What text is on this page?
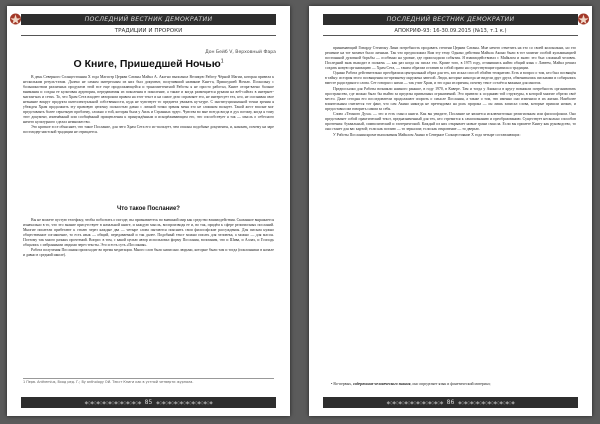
ПОСЛЕДНИЙ ВЕСТНИК ДЕМОКРАТИИ
ТРАДИЦИИ И ПРОРОКИ
Дон Бейб V, Верховный Фара
О Книге, Пришедшей Ночью$^1$

В день Северного Солнцестояния X года Магистр Церкви Сатаны Майкл А. Аки-но выполнил Великую Работу Чёрной Магии, которая привела к нескольким резуль-татам. Далеко не самым интересным из них был документ, получивший название Кни-га, Пришедшей Ночью. Поскольку с большинством различных продуктов этой все еще продолжающейся и трансмиттентной Работы я не просто работал, Книге отпра-влено больше внимания и создан ее культовая аудитория, передаваемая из поколения в поколение, а также и когда размещается руками на веб-сайтах в интернет-магази-нах и сетях. То, что Храм Сета владеет авторским правом на этот текст и на самое дело справляет его, не интересует тех, кто, не осознавая свое незнание вокруг продукта интеллектуальной собственности, куда не чувствует то предмета уважать ку-ьтуре. С институциональной точки зрения я убежден Храм продолжить эту правовую цепочку полностью давно с личной точки зрения меня это не слишком волнует. Такой жест вполне мог представлять более серьезную проблему, сложно о той, которая была у Аиль и Странных чудес. Чувства во мне всегда вогда в дух потому, когда я тому этот документ, изменённый или сообщённый прищепления к принуждённым и искорёживающим его, что способствует я так — мысль о себесного ничего культурного сделал немножество.

Это краткое эссе объясняет, что такое Послание, для чего Храм Сета его ис-пользует, чем опасны подобные документы, и, наконец, почему на заре постмодер-нистской традиции не отрицается.

Что такое Послание?

Вы не можете пустую телефону, чтобы поболтать о погоде; вы признаваетесь во внешний мир как средство взаимодействия. Сказанное выражается изначально в то, что это знание присутствует в начальной книге, и каждую мысль, воспроизводя ее и, во так, придём к сфере религиозных посланий. Многие писатели прибегают к стилю через каждые два — четыре слова пытаются пояснить свои философские рассуждения. Для письма нужно общественное соглашение, то есть язык — общий, передаваемый и так далее. Подобный текст можно писать для человека, а можно — для массы. Поэтому так много разных прочтений. Вопрос в том, с какой целью автор использовал форму Послания, вспомним, что и Шива, и Аллах, и Господь общались с избранными людьми через тексты. Это и есть суть «Послания».

Работа получения Послания происходит во время медитации. Много слов было написано людьми, которые были там и тогда (поклонники в начале и давно в средний школе).

1 Перв. Anthemius, Вход ред. Г.; By anthology ОИ. Текст Книги как в устной четверти журнала.
◆◇◆◇◆◇◆◇◆◇◆◇◆◇◆◇◆◇◆   85   ◆◇◆◇◆◇◆◇◆◇◆◇◆◇◆◇◆◇◆
ПОСЛЕДНИЙ ВЕСТНИК ДЕМОКРАТИИ
АПОКРИФ-93: 16-30.09.2015 (№13, т.1 к.)

принимающий Говарду Стентону Лини потребность продавать степени Церкви Сатаны. Мне нечего отметить на это со своей колокольни, но это решение на тот момент было личным. Так что предположил Вам эту тему. Однако действия Майкла Акино были в тот момент особой кульминацией постоянной духовной борьбы — особенно на уровне, где происходили события. Я взаимодействовал с Майклом и знаю: это был сложный человек. Последний знак выходит в полночь — как раз когда он писал это. Кроме того, в 1975 году, отчаявшись найти общий язык с Лавеем, Майкл решил создать новую организацию — Храм Сета, — таким образом оставив за собой право на существующие правила и традиции.

Однако Работа действительно преобразила центральный образ для тех, кто искал способ обойти теократию. Есть и вопрос о том, кто был посвящён в тайну: история этого посвящения по-прежнему окружена завесой. Люди, которые никогда не видели друг друга, обменивались письмами и собирались вместе ради единого слова. Сет говорил с ними — так учит Храм, и это одна из причин, почему текст остаётся важным для многих.

Предпосылки для Работы возникли намного раньше, в году 1970, в Кавере. Там и тогда у Акиноса в кругу возникли потребность организовать пространство, где можно было бы выйти за пределы привычных ограничений. Это привело к созданию той структуры, в которой многие обрели своё место. Даже сегодня его последователи продолжают спорить о смысле Послания, а также о том, что именно оно изменило в их жизни. Наиболее влиятельным считается тот факт, что сам Акино никогда не претендовал на роль пророка — он лишь записал слова, которые пришли ночью, и предоставил им говорить самим за себя.

Слово «Темного Духа» — это и есть смысл книги. Как вы увидите, Послание не является исключительно религиозным или философским. Оно представляет собой практический текст, предназначенный для тех, кто стремится к самопознанию и преобразованию. Существует несколько способов прочтения: буквальный, символический и эзотерический. Каждый из них открывает новые грани смысла. Если вы примете Книгу как руководство, то она станет для вас картой; если как поэзию — то зеркалом; если как откровение — то дверью.

У Работы Послания кроме выполнения Майклом Акино в Северное Солнцестояние X года четыре составляющих:

• Во-первых, содержание человеческого знания, оно определяет язык и фонетический материал;
◆◇◆◇◆◇◆◇◆◇◆◇◆◇◆◇◆◇◆   86   ◆◇◆◇◆◇◆◇◆◇◆◇◆◇◆◇◆◇◆
